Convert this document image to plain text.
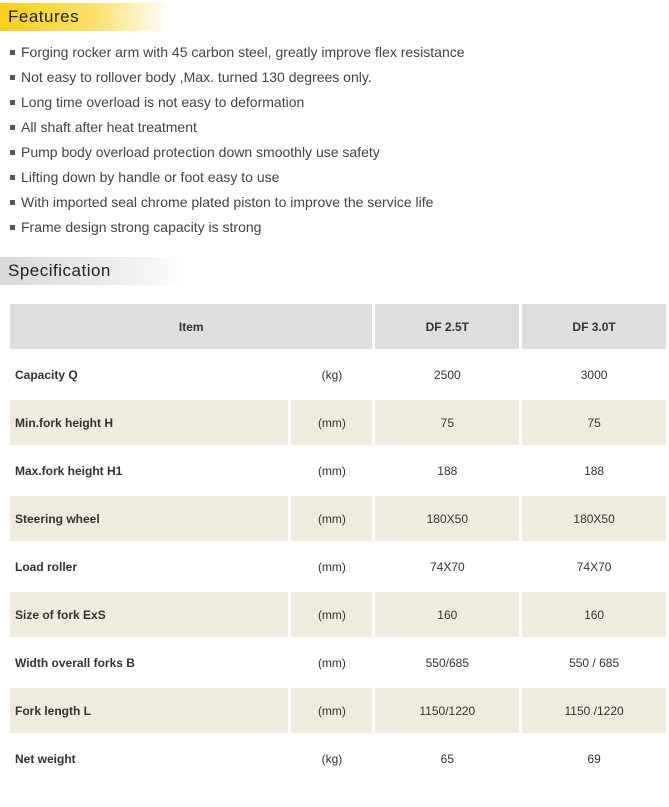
Features
Forging rocker arm with 45 carbon steel, greatly improve flex resistance
Not easy to rollover body ,Max. turned 130 degrees only.
Long time overload is not easy to deformation
All shaft after heat treatment
Pump body overload protection down smoothly use safety
Lifting down by handle or foot easy to use
With imported seal chrome plated piston to improve the service life
Frame design strong capacity is strong
Specification
Item		DF 2.5T	DF 3.0T
Capacity Q	(kg)	2500	3000
Min.fork height H	(mm)	75	75
Max.fork height H1	(mm)	188	188
Steering wheel	(mm)	180X50	180X50
Load roller	(mm)	74X70	74X70
Size of fork ExS	(mm)	160	160
Width overall forks B	(mm)	550/685	550 / 685
Fork length L	(mm)	1150/1220	1150 /1220
Net weight	(kg)	65	69
